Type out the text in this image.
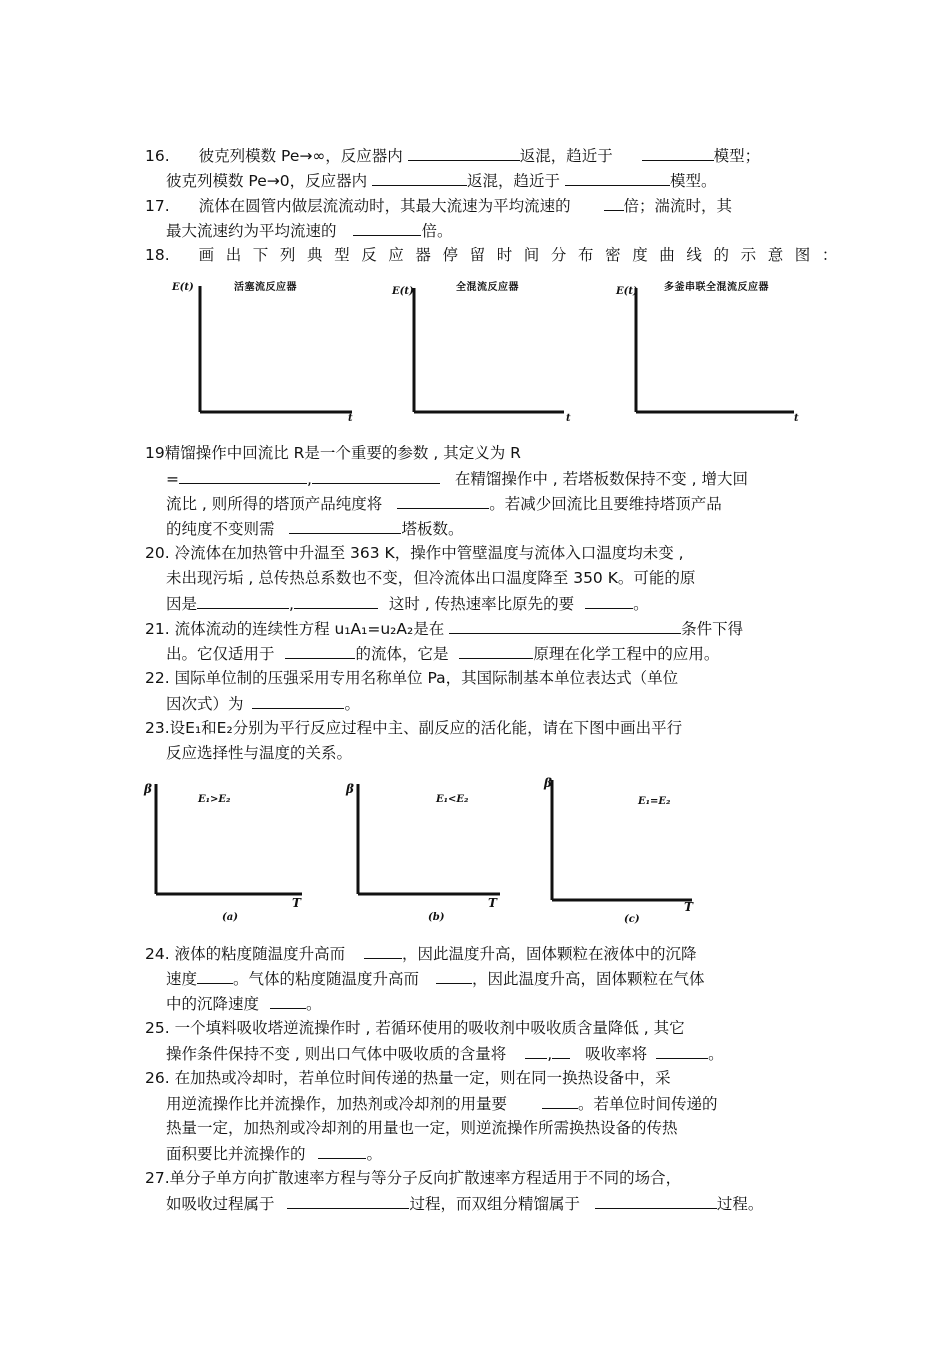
16. 彼克列模数 Pe→∞，反应器内	返混，趋近于	模型；
彼克列模数 Pe→0，反应器内	返混，趋近于	模型。
17. 流体在圆管内做层流流动时，其最大流速为平均流速的	倍；湍流时，其
最大流速约为平均流速的	倍。
18. 画出下列典型反应器停留时间分布密度曲线的示意图：
E(t)	活塞流反应器
t
E(t)	全混流反应器
t
E(t)	多釜串联全混流反应器
t
19精馏操作中回流比 R是一个重要的参数 , 其定义为 R
=	,	在精馏操作中 , 若塔板数保持不变 , 增大回
流比 , 则所得的塔顶产品纯度将	。若减少回流比且要维持塔顶产品
的纯度不变则需	塔板数。
20. 冷流体在加热管中升温至 363 K，操作中管壁温度与流体入口温度均未变 ,
未出现污垢 , 总传热总系数也不变，但冷流体出口温度降至 350 K。可能的原
因是	,	这时 , 传热速率比原先的要	。
21. 流体流动的连续性方程 u₁A₁=u₂A₂是在	条件下得
出。它仅适用于	的流体，它是	原理在化学工程中的应用。
22. 国际单位制的压强采用专用名称单位 Pa，其国际制基本单位表达式（单位
因次式）为	。
23.设E₁和E₂分别为平行反应过程中主、副反应的活化能，请在下图中画出平行
反应选择性与温度的关系。
β
E₁>E₂
T
(a)
β
E₁<E₂
T
(b)
β
E₁=E₂
T
(c)
24. 液体的粘度随温度升高而	，因此温度升高，固体颗粒在液体中的沉降
速度 。气体的粘度随温度升高而	，因此温度升高，固体颗粒在气体
中的沉降速度	。
25. 一个填料吸收塔逆流操作时 , 若循环使用的吸收剂中吸收质含量降低 , 其它
操作条件保持不变 , 则出口气体中吸收质的含量将	, 吸收率将	。
26. 在加热或冷却时，若单位时间传递的热量一定，则在同一换热设备中，采
用逆流操作比并流操作，加热剂或冷却剂的用量要	。若单位时间传递的
热量一定，加热剂或冷却剂的用量也一定，则逆流操作所需换热设备的传热
面积要比并流操作的	。
27.单分子单方向扩散速率方程与等分子反向扩散速率方程适用于不同的场合，
如吸收过程属于	过程，而双组分精馏属于	过程。
